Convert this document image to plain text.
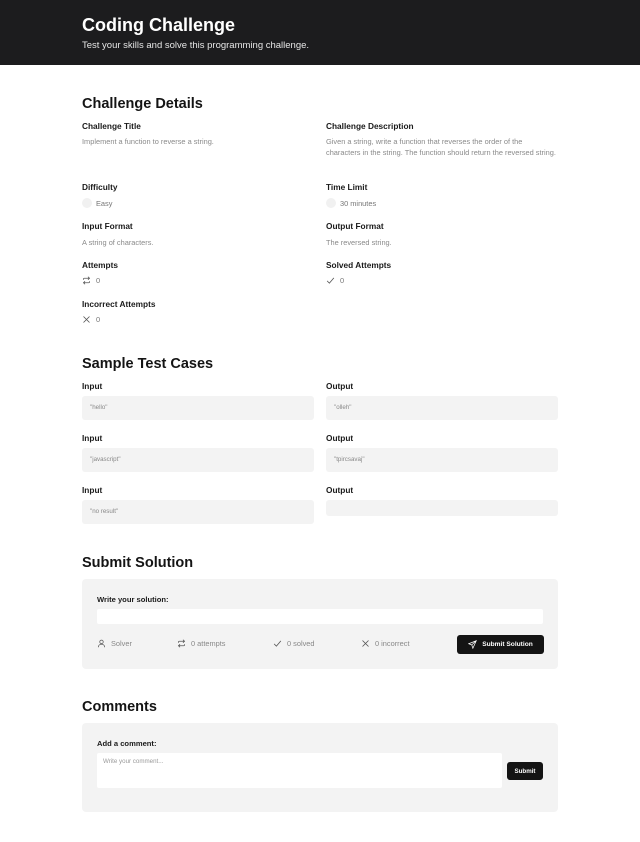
Coding Challenge

Test your skills and solve this programming challenge.

Challenge Details
Challenge Title
Implement a function to reverse a string.
Challenge Description
Given a string, write a function that reverses the order of the characters in the string. The function should return the reversed string.
Difficulty
Easy
Time Limit
30 minutes
Input Format
A string of characters.
Output Format
The reversed string.
Attempts
0
Solved Attempts
0
Incorrect Attempts
0
Sample Test Cases
Input	Output
"hello"	"olleh"
Input	Output
"javascript"	"tpircsavaj"
Input	Output
"no result"
Submit Solution
Write your solution:
Solver	0 attempts	0 solved	0 incorrect	Submit Solution
Comments
Add a comment:
Write your comment...
Submit
